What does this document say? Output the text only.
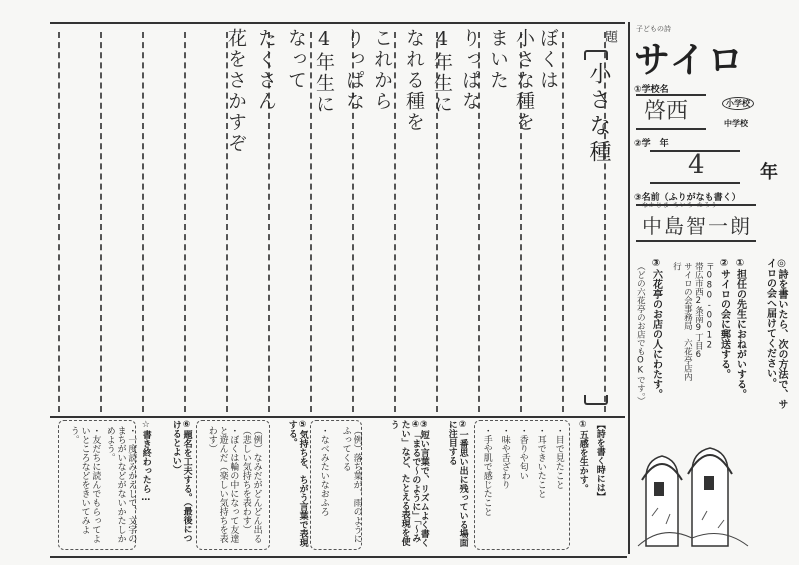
題
小さな種
ぼくは
小さな種を
まいた
りっぱな
4年生に
なれる種を
これから
りっぱな
4年生に
なって
たくさん
花をさかすぞ	子どもの詩
サイロ
①学校名
啓西	小学校
中学校
②学　年
4	年
③名前（ふりがなも書く）
なかじま ちいち たろう
中島智一朗
◎詩を書いたら、次の方法で、サイロの会へ届けてください。
①担任の先生におねがいする。
②サイロの会に郵送する。
〒080-0012
帯広市西2条南9丁目6
サイロの会事務局　六花亭店内
行
③六花亭のお店の人にわたす。
（どの六花亭のお店でもOKです。）
【詩を書く時には】
①五感を生かす。
・目で見たこと
・耳できいたこと
・香りや匂い
・味や舌ざわり
・手や肌で感じたこと
②一番思い出に残っている場面に注目する
③短い言葉で、リズムよく書く
④「まるで〜のように」「〜みたい」など、たとえる表現を使う
（例）落ち葉が、雨のようにふってくる
・なべみたいなおふろ
⑤気持ちを、ちがう言葉で表現する。
（例）なみだがどんどん出る（悲しい気持ちを表わす）
・ぼくは輪の中になって友達と遊んだ（楽しい気持ちを表わす）
⑥題名を工夫する。（最後につけるとよい）
☆書き終わったら…
・一度読みかえして、文字のまちがいなどがないかたしかめよう。
・友だちに読んでもらってよいところなどをきいてみよう。
